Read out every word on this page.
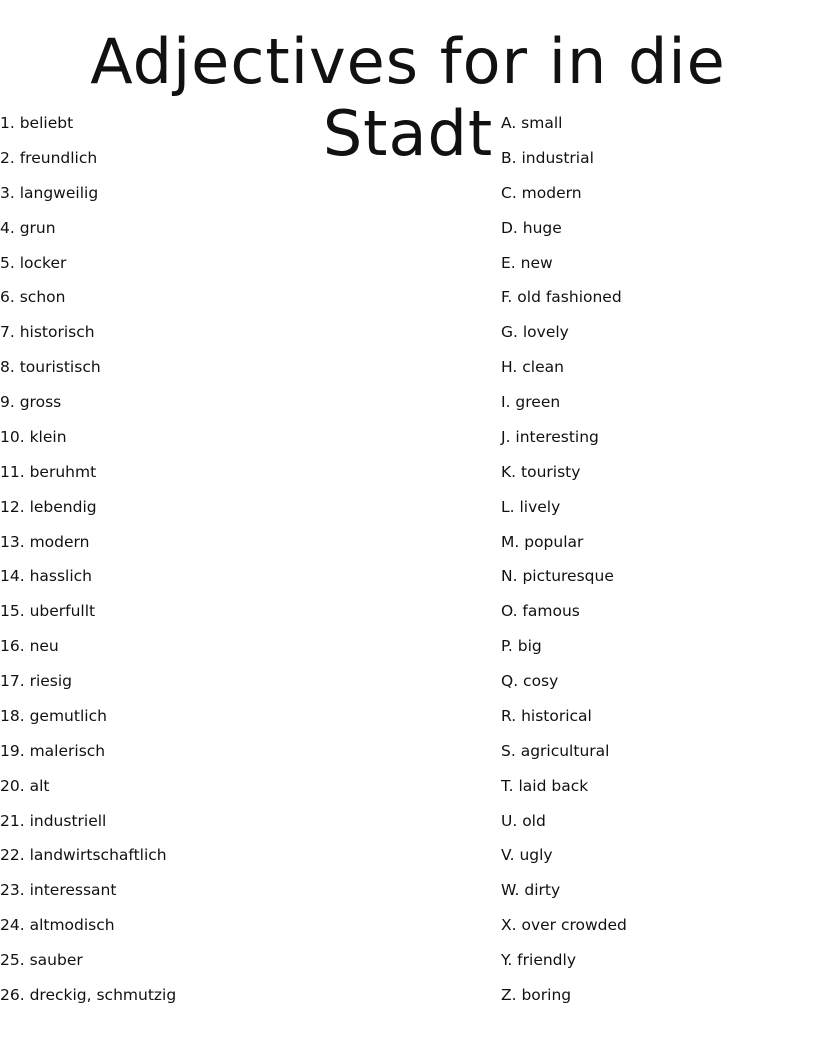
Adjectives for in die Stadt
1. beliebt
2. freundlich
3. langweilig
4. grun
5. locker
6. schon
7. historisch
8. touristisch
9. gross
10. klein
11. beruhmt
12. lebendig
13. modern
14. hasslich
15. uberfullt
16. neu
17. riesig
18. gemutlich
19. malerisch
20. alt
21. industriell
22. landwirtschaftlich
23. interessant
24. altmodisch
25. sauber
26. dreckig, schmutzig
A. small
B. industrial
C. modern
D. huge
E. new
F. old fashioned
G. lovely
H. clean
I. green
J. interesting
K. touristy
L. lively
M. popular
N. picturesque
O. famous
P. big
Q. cosy
R. historical
S. agricultural
T. laid back
U. old
V. ugly
W. dirty
X. over crowded
Y. friendly
Z. boring
